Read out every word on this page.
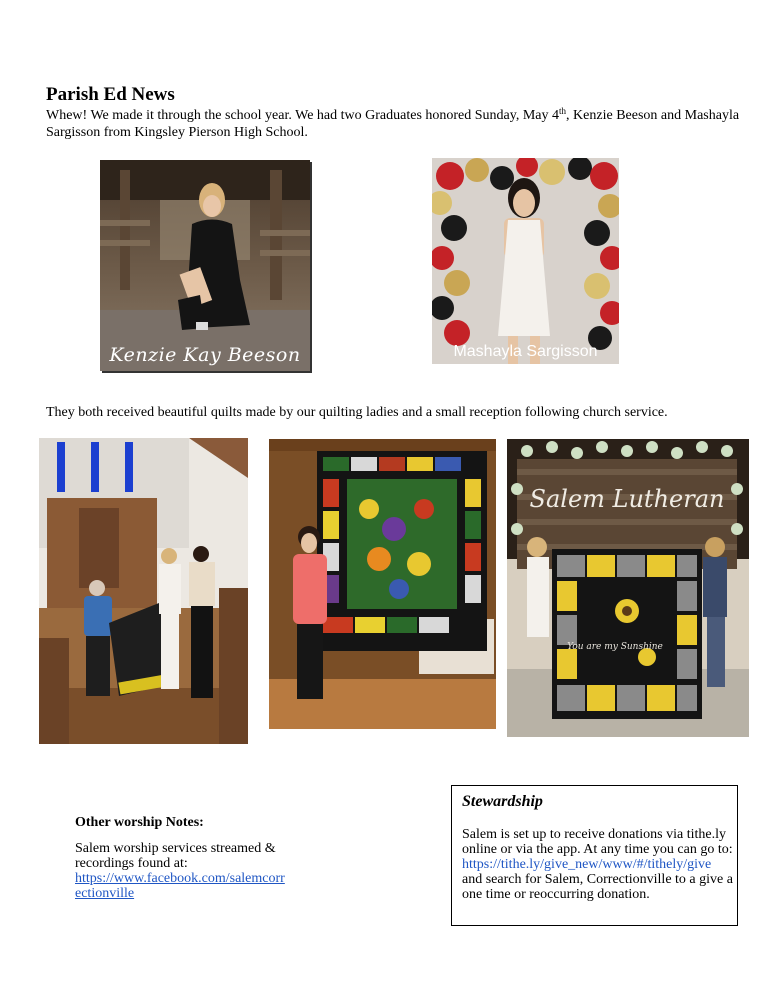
Parish Ed News
Whew! We made it through the school year. We had two Graduates honored Sunday, May 4th, Kenzie Beeson and Mashayla Sargisson from Kingsley Pierson High School.
Kenzie Kay Beeson	Mashayla Sargisson
They both received beautiful quilts made by our quilting ladies and a small reception following church service.
Salem Lutheran
You are my Sunshine
Other worship Notes:
Salem worship services streamed & recordings found at:
https://www.facebook.com/salemcorrectionville
Stewardship
Salem is set up to receive donations via tithe.ly online or via the app. At any time you can go to:
https://tithe.ly/give_new/www/#/tithely/give
and search for Salem, Correctionville to a give a one time or reoccurring donation.
